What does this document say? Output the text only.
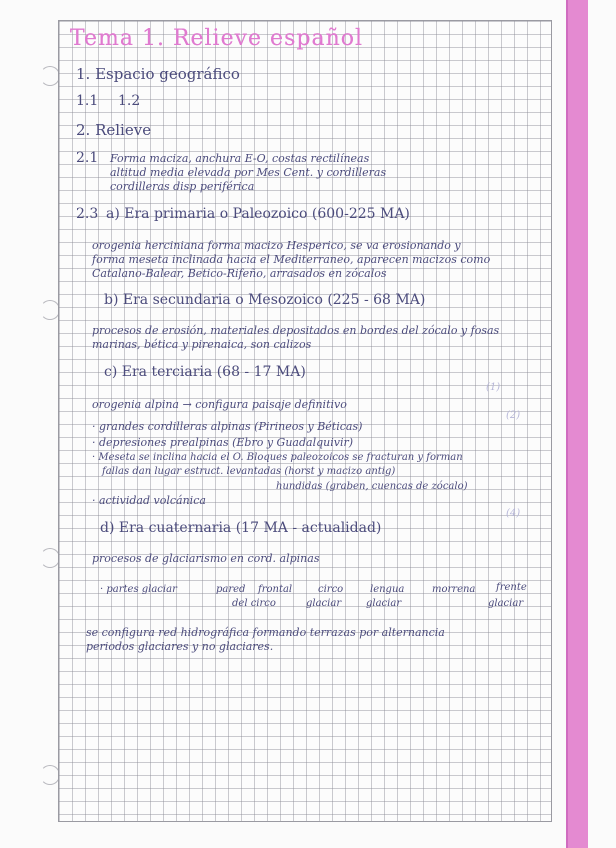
Tema 1. Relieve español
1. Espacio geográfico
1.1 1.2
2. Relieve
2.1 Forma maciza, anchura E-O, costas rectilíneas
altitud media elevada por Mes Cent. y cordilleras
cordilleras disp periférica
2.3 a) Era primaria o Paleozoico (600-225 MA)
orogenia herciniana forma macizo Hesperico, se va erosionando y
forma meseta inclinada hacia el Mediterraneo, aparecen macizos como
Catalano-Balear, Betico-Rifeño, arrasados en zócalos
b) Era secundaria o Mesozoico (225 - 68 MA)
procesos de erosión, materiales depositados en bordes del zócalo y fosas
marinas, bética y pirenaica, son calizos
c) Era terciaria (68 - 17 MA)
orogenia alpina → configura paisaje definitivo
· grandes cordilleras alpinas (Pirineos y Béticas)
· depresiones prealpinas (Ebro y Guadalquivir)
· Meseta se inclina hacia el O. Bloques paleozoicos se fracturan y forman
fallas dan lugar estruct. levantadas (horst y macizo antig)
hundidas (graben, cuencas de zócalo)
· actividad volcánica
d) Era cuaternaria (17 MA - actualidad)
procesos de glaciarismo en cord. alpinas
· partes glaciar	pared
del circo
frontal	circo
glaciar
lengua
glaciar
morrena frente
glaciar
se configura red hidrográfica formando terrazas por alternancia
periodos glaciares y no glaciares.
(1)
(2)
(4)
